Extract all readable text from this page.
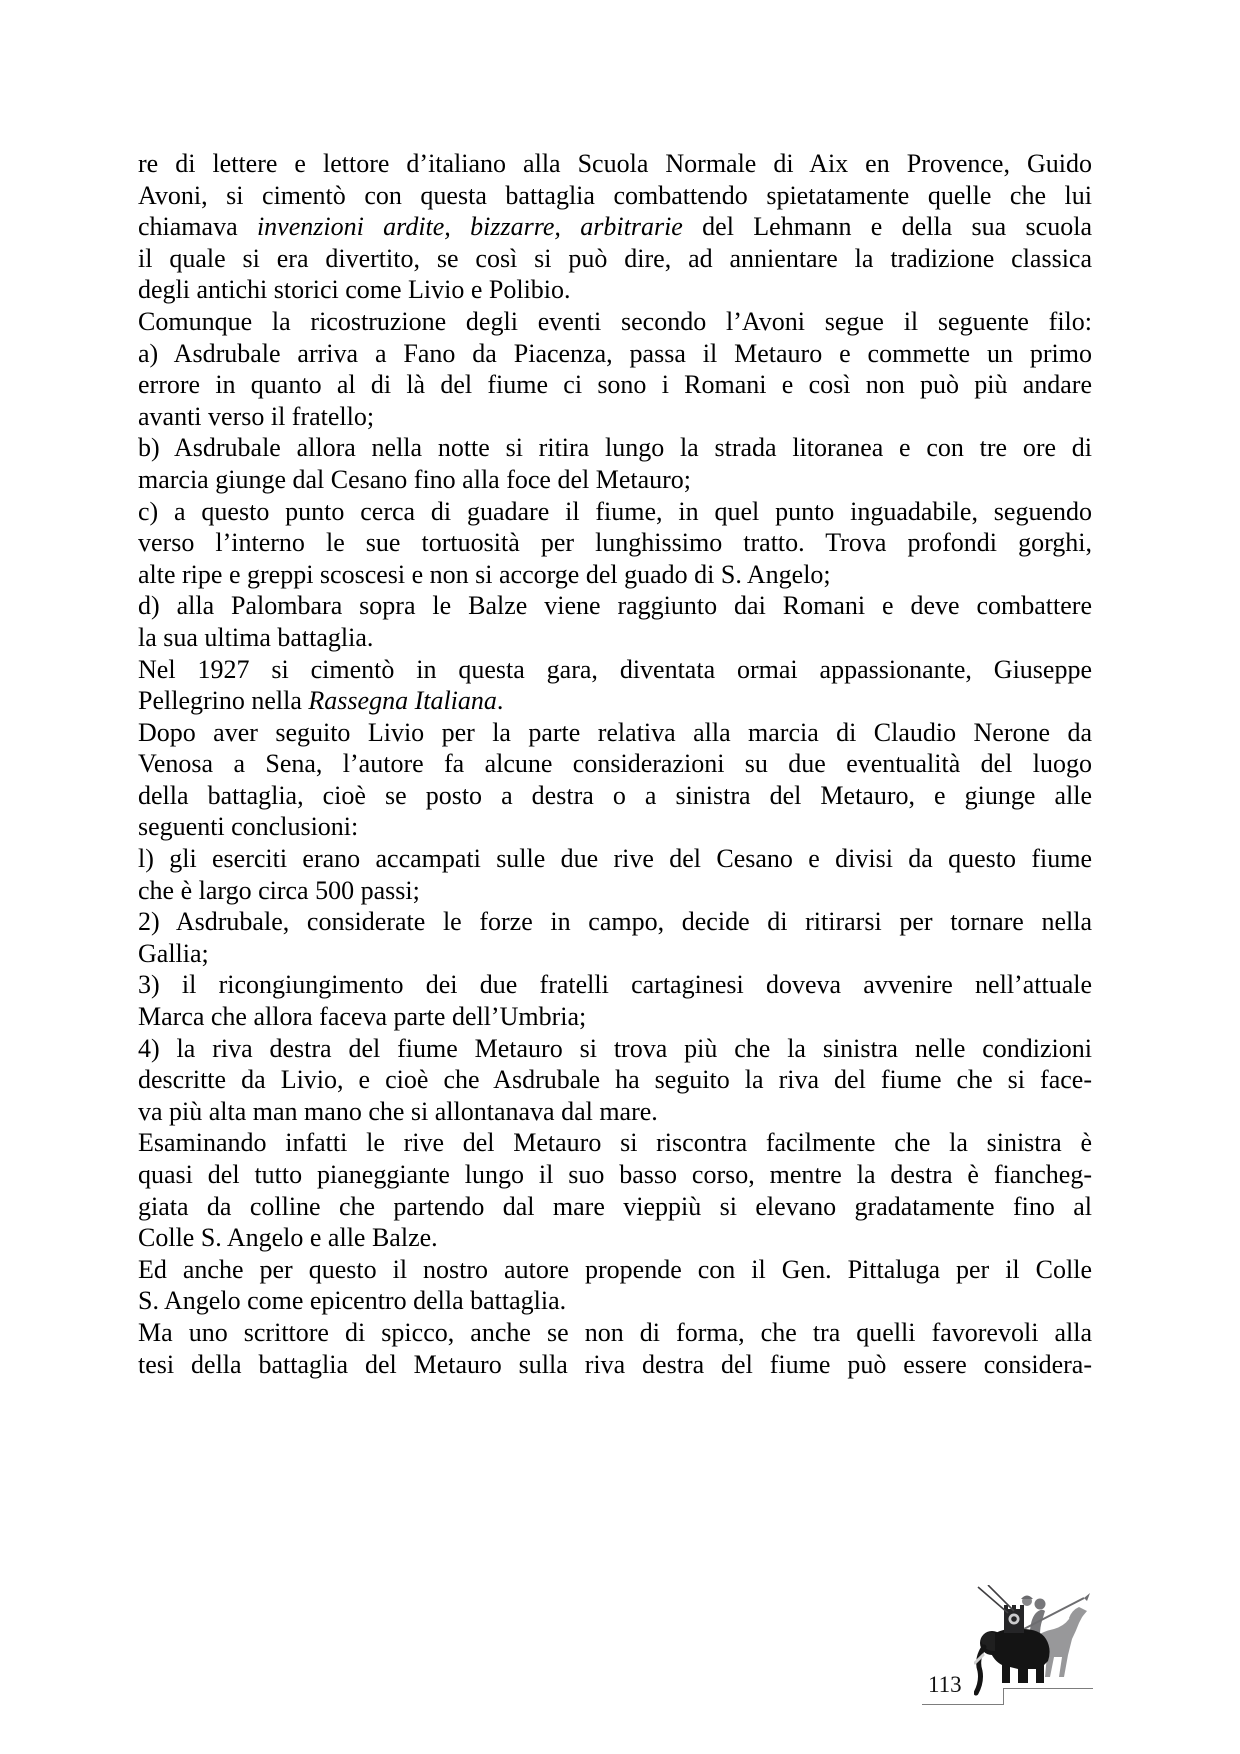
re di lettere e lettore d’italiano alla Scuola Normale di Aix en Provence, Guido
Avoni, si cimentò con questa battaglia combattendo spietatamente quelle che lui
chiamava invenzioni ardite, bizzarre, arbitrarie del Lehmann e della sua scuola
il quale si era divertito, se così si può dire, ad annientare la tradizione classica
degli antichi storici come Livio e Polibio.
Comunque la ricostruzione degli eventi secondo l’Avoni segue il seguente filo:
a) Asdrubale arriva a Fano da Piacenza, passa il Metauro e commette un primo
errore in quanto al di là del fiume ci sono i Romani e così non può più andare
avanti verso il fratello;
b) Asdrubale allora nella notte si ritira lungo la strada litoranea e con tre ore di
marcia giunge dal Cesano fino alla foce del Metauro;
c) a questo punto cerca di guadare il fiume, in quel punto inguadabile, seguendo
verso l’interno le sue tortuosità per lunghissimo tratto. Trova profondi gorghi,
alte ripe e greppi scoscesi e non si accorge del guado di S. Angelo;
d) alla Palombara sopra le Balze viene raggiunto dai Romani e deve combattere
la sua ultima battaglia.
Nel 1927 si cimentò in questa gara, diventata ormai appassionante, Giuseppe
Pellegrino nella Rassegna Italiana.
Dopo aver seguito Livio per la parte relativa alla marcia di Claudio Nerone da
Venosa a Sena, l’autore fa alcune considerazioni su due eventualità del luogo
della battaglia, cioè se posto a destra o a sinistra del Metauro, e giunge alle
seguenti conclusioni:
l) gli eserciti erano accampati sulle due rive del Cesano e divisi da questo fiume
che è largo circa 500 passi;
2) Asdrubale, considerate le forze in campo, decide di ritirarsi per tornare nella
Gallia;
3) il ricongiungimento dei due fratelli cartaginesi doveva avvenire nell’attuale
Marca che allora faceva parte dell’Umbria;
4) la riva destra del fiume Metauro si trova più che la sinistra nelle condizioni
descritte da Livio, e cioè che Asdrubale ha seguito la riva del fiume che si face-
va più alta man mano che si allontanava dal mare.
Esaminando infatti le rive del Metauro si riscontra facilmente che la sinistra è
quasi del tutto pianeggiante lungo il suo basso corso, mentre la destra è fiancheg-
giata da colline che partendo dal mare vieppiù si elevano gradatamente fino al
Colle S. Angelo e alle Balze.
Ed anche per questo il nostro autore propende con il Gen. Pittaluga per il Colle
S. Angelo come epicentro della battaglia.
Ma uno scrittore di spicco, anche se non di forma, che tra quelli favorevoli alla
tesi della battaglia del Metauro sulla riva destra del fiume può essere considera-
113
